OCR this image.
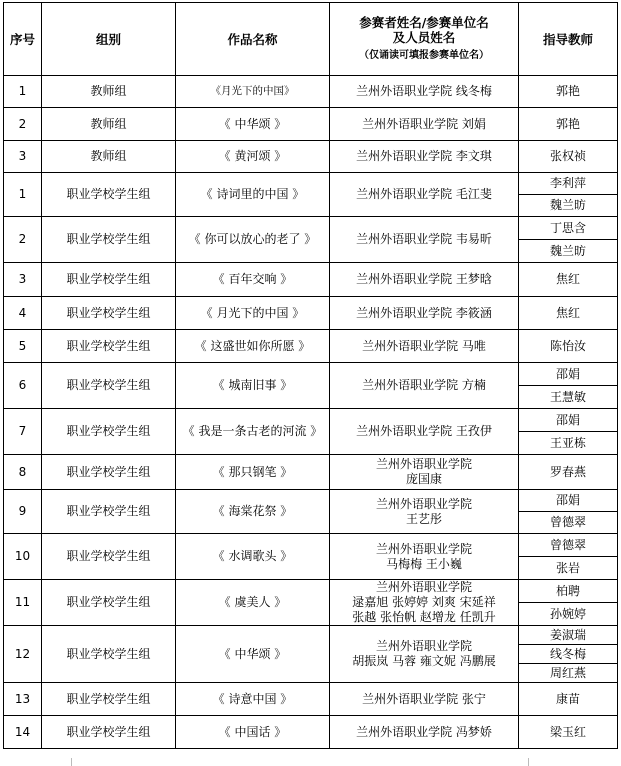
序号	组别	作品名称	参赛者姓名/参赛单位名
及人员姓名
（仅诵读可填报参赛单位名）	指导教师
1	教师组	《月光下的中国》	兰州外语职业学院 线冬梅	郭艳

2	教师组	《 中华颂 》	兰州外语职业学院 刘娟	郭艳

3	教师组	《 黄河颂 》	兰州外语职业学院 李文琪	张权祯

1	职业学校学生组	《 诗词里的中国 》	兰州外语职业学院 毛江斐	李利萍
魏兰昉

2	职业学校学生组	《 你可以放心的老了 》	兰州外语职业学院 韦易昕	丁思含
魏兰昉

3	职业学校学生组	《 百年交响 》	兰州外语职业学院 王梦晗	焦红

4	职业学校学生组	《 月光下的中国 》	兰州外语职业学院 李筱涵	焦红

5	职业学校学生组	《 这盛世如你所愿 》	兰州外语职业学院 马唯	陈怡汝

6	职业学校学生组	《 城南旧事 》	兰州外语职业学院 方楠	邵娟
王慧敏

7	职业学校学生组	《 我是一条古老的河流 》	兰州外语职业学院 王孜伊	邵娟
王亚栋

8	职业学校学生组	《 那只钢笔 》	兰州外语职业学院
庞国康	罗春燕

9	职业学校学生组	《 海棠花祭 》	兰州外语职业学院
王艺彤	邵娟
曾德翠

10	职业学校学生组	《 水调歌头 》	兰州外语职业学院
马梅梅 王小巍	曾德翠
张岩

11	职业学校学生组	《 虞美人 》	兰州外语职业学院
逯嘉旭 张婷婷 刘爽 宋延祥
张越 张怡帆 赵增龙 任凯升	柏聘
孙婉婷

12	职业学校学生组	《 中华颂 》	兰州外语职业学院
胡振岚 马蓉 雍文妮 冯鹏展	姜淑瑞
线冬梅
周红燕

13	职业学校学生组	《 诗意中国 》	兰州外语职业学院 张宁	康苗

14	职业学校学生组	《 中国话 》	兰州外语职业学院 冯梦娇	梁玉红
